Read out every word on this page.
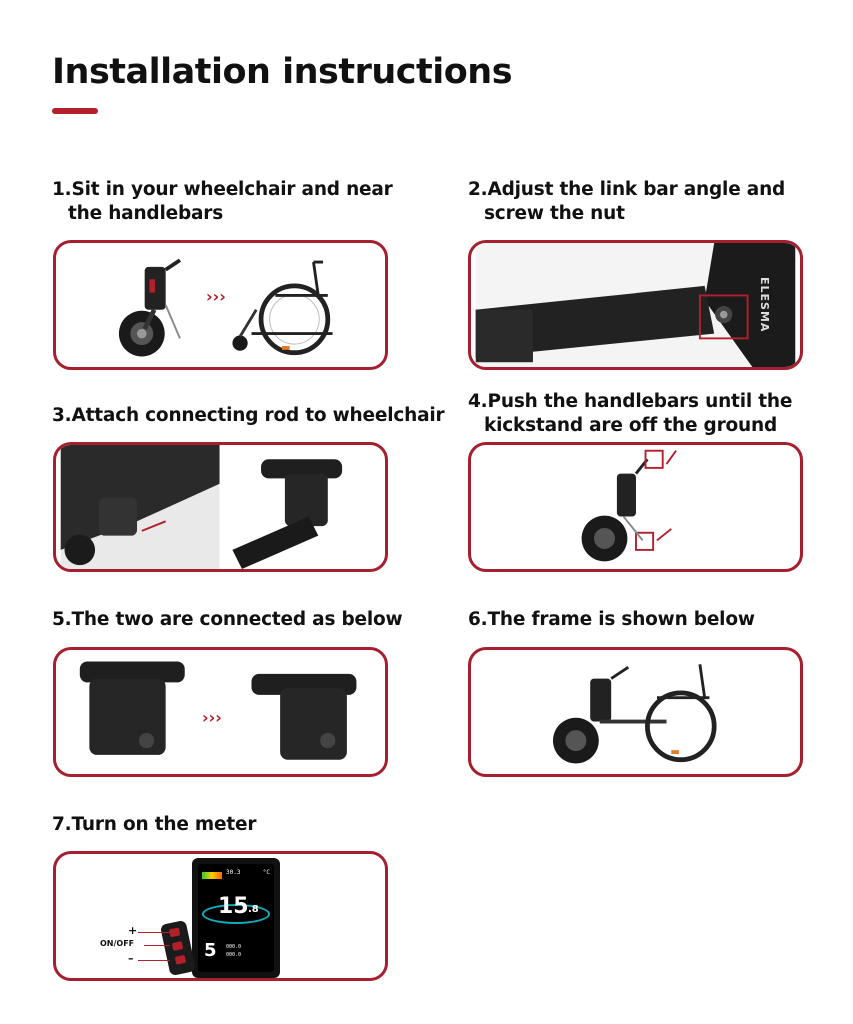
Installation instructions
1.Sit in your wheelchair and near
the handlebars
›››
2.Adjust the link bar angle and
screw the nut
ELESMA
3.Attach connecting rod to wheelchair
4.Push the handlebars until the
kickstand are off the ground
5.The two are connected as below
›››
6.The frame is shown below
7.Turn on the meter
30.3	°C
15 .8
5 000.0
000.0
+
ON/OFF
–
